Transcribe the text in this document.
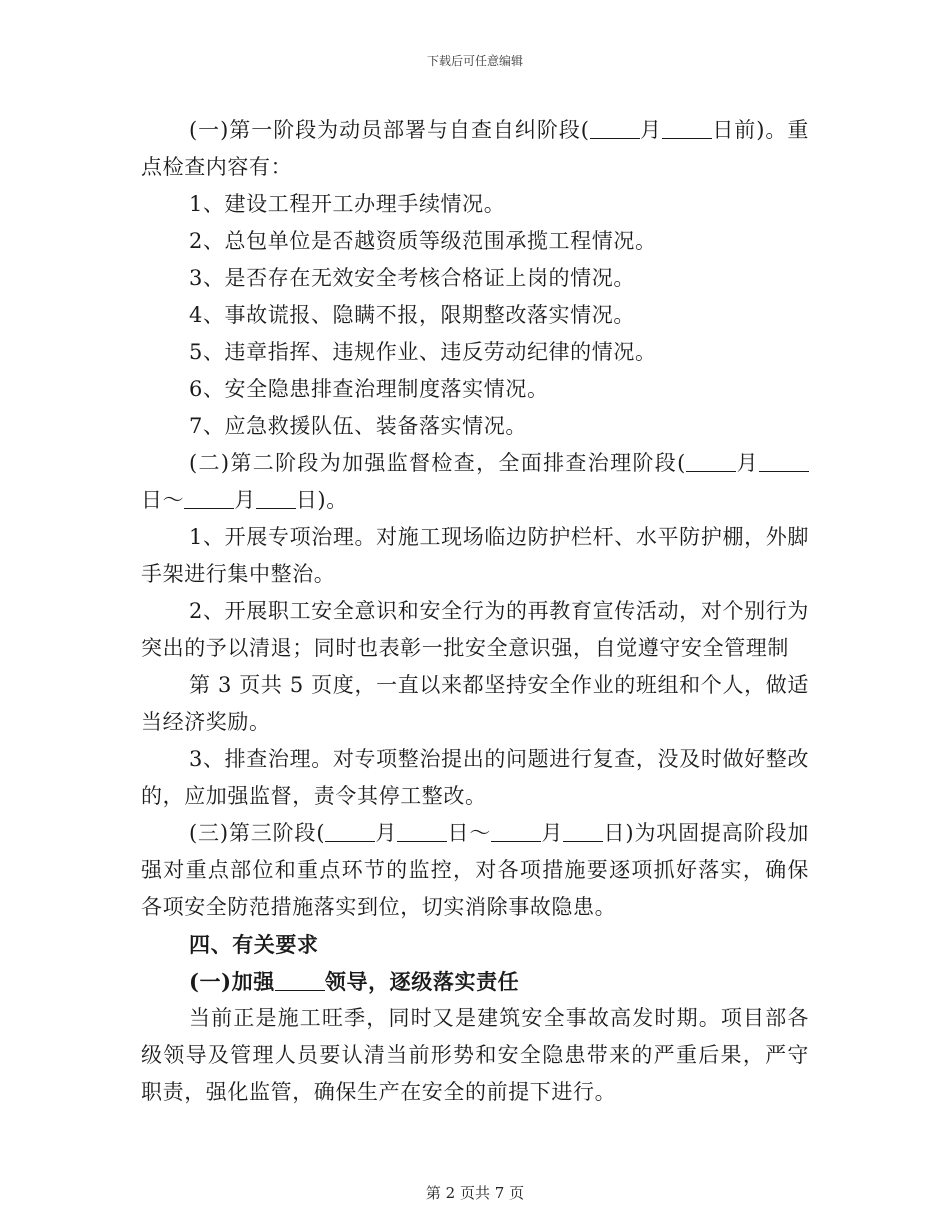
下载后可任意编辑

(一)第一阶段为动员部署与自查自纠阶段( 月 日前)。重点检查内容有：

1、建设工程开工办理手续情况。

2、总包单位是否越资质等级范围承揽工程情况。

3、是否存在无效安全考核合格证上岗的情况。

4、事故谎报、隐瞒不报，限期整改落实情况。

5、违章指挥、违规作业、违反劳动纪律的情况。

6、安全隐患排查治理制度落实情况。

7、应急救援队伍、装备落实情况。

(二)第二阶段为加强监督检查，全面排查治理阶段( 月日～ 月 日)。

1、开展专项治理。对施工现场临边防护栏杆、水平防护棚，外脚手架进行集中整治。

2、开展职工安全意识和安全行为的再教育宣传活动，对个别行为突出的予以清退；同时也表彰一批安全意识强，自觉遵守安全管理制

第 3 页共 5 页度，一直以来都坚持安全作业的班组和个人，做适当经济奖励。

3、排查治理。对专项整治提出的问题进行复查，没及时做好整改的，应加强监督，责令其停工整改。

(三)第三阶段( 月 日～ 月 日)为巩固提高阶段加强对重点部位和重点环节的监控，对各项措施要逐项抓好落实，确保各项安全防范措施落实到位，切实消除事故隐患。

四、有关要求

(一)加强 领导，逐级落实责任

当前正是施工旺季，同时又是建筑安全事故高发时期。项目部各级领导及管理人员要认清当前形势和安全隐患带来的严重后果，严守职责，强化监管，确保生产在安全的前提下进行。

第 2 页共 7 页
